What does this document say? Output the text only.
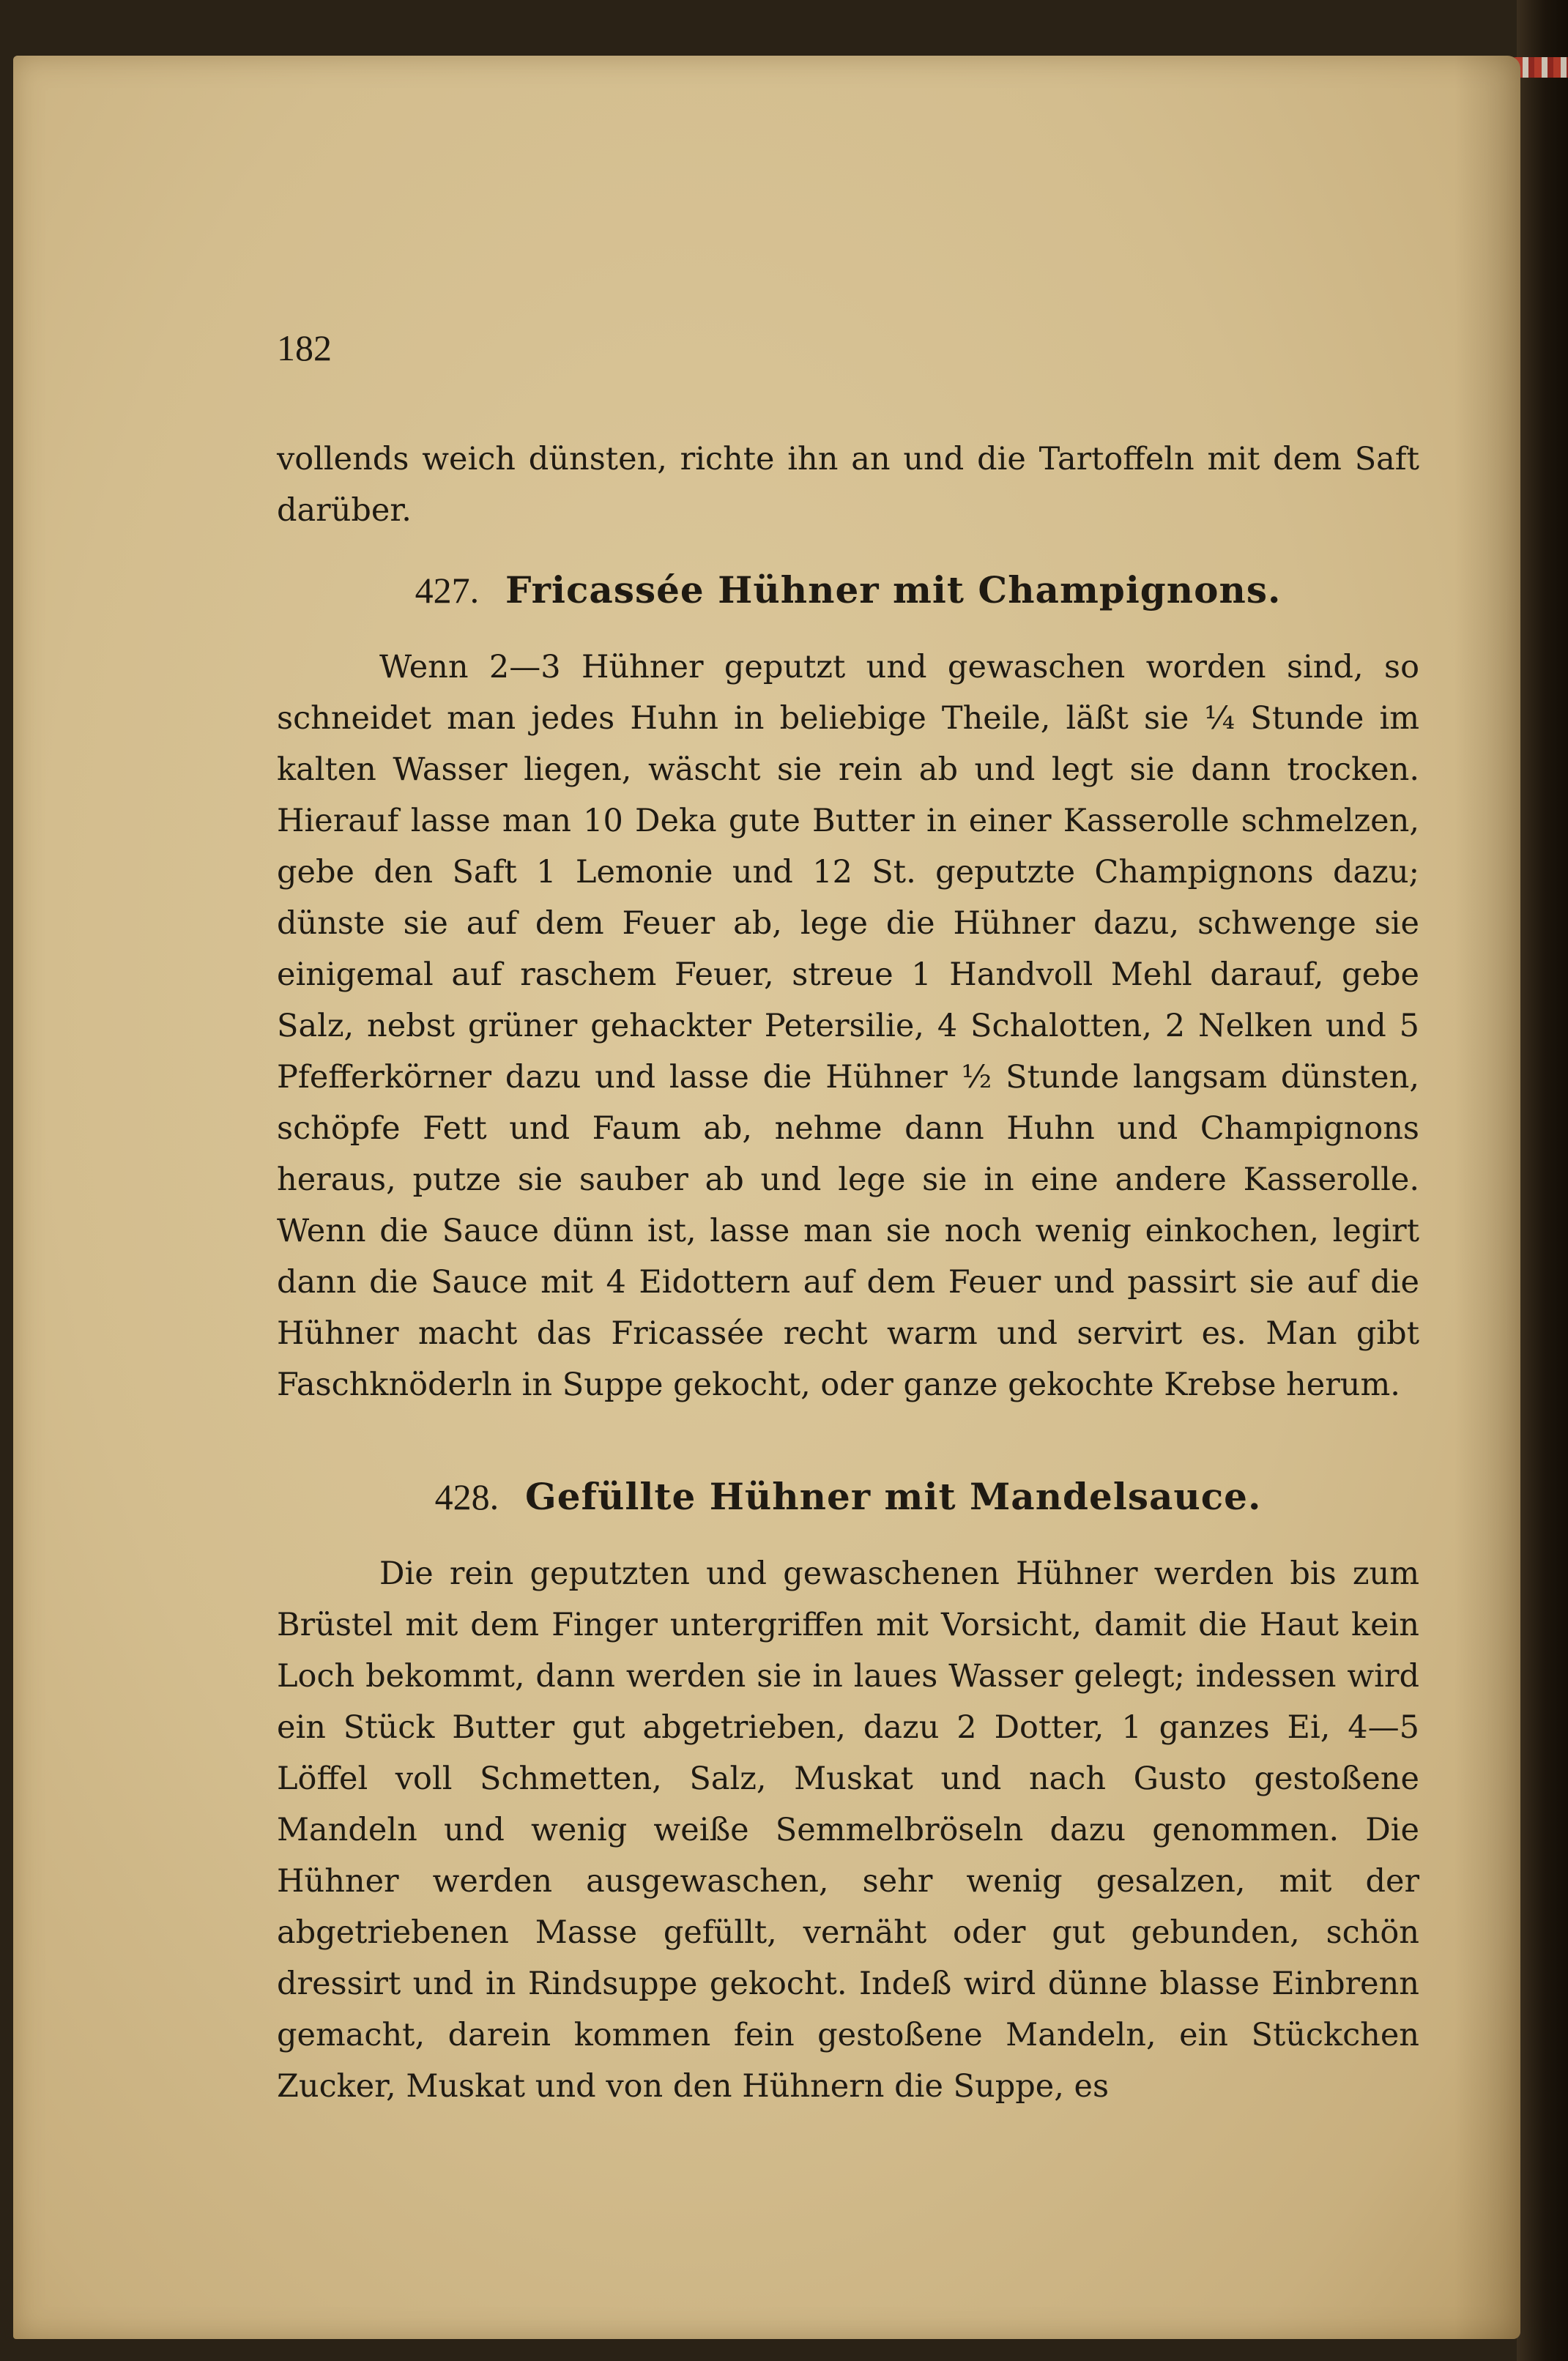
182

vollends weich dünsten, richte ihn an und die Tartoffeln mit dem Saft darüber.

427. Fricassée Hühner mit Champignons.

Wenn 2—3 Hühner geputzt und gewaschen worden sind, so schneidet man jedes Huhn in beliebige Theile, läßt sie ¼ Stunde im kalten Wasser liegen, wäscht sie rein ab und legt sie dann trocken. Hierauf lasse man 10 Deka gute Butter in einer Kasserolle schmelzen, gebe den Saft 1 Lemonie und 12 St. geputzte Champignons dazu; dünste sie auf dem Feuer ab, lege die Hühner dazu, schwenge sie einigemal auf raschem Feuer, streue 1 Handvoll Mehl darauf, gebe Salz, nebst grüner gehackter Petersilie, 4 Schalotten, 2 Nelken und 5 Pfefferkörner dazu und lasse die Hühner ½ Stunde langsam dünsten, schöpfe Fett und Faum ab, nehme dann Huhn und Champignons heraus, putze sie sauber ab und lege sie in eine andere Kasserolle. Wenn die Sauce dünn ist, lasse man sie noch wenig einkochen, legirt dann die Sauce mit 4 Eidottern auf dem Feuer und passirt sie auf die Hühner macht das Fricassée recht warm und servirt es. Man gibt Faschknöderln in Suppe gekocht, oder ganze gekochte Krebse herum.

428. Gefüllte Hühner mit Mandelsauce.

Die rein geputzten und gewaschenen Hühner werden bis zum Brüstel mit dem Finger untergriffen mit Vorsicht, damit die Haut kein Loch bekommt, dann werden sie in laues Wasser gelegt; indessen wird ein Stück Butter gut abgetrieben, dazu 2 Dotter, 1 ganzes Ei, 4—5 Löffel voll Schmetten, Salz, Muskat und nach Gusto gestoßene Mandeln und wenig weiße Semmelbröseln dazu genommen. Die Hühner werden ausgewaschen, sehr wenig gesalzen, mit der abgetriebenen Masse gefüllt, vernäht oder gut gebunden, schön dressirt und in Rindsuppe gekocht. Indeß wird dünne blasse Einbrenn gemacht, darein kommen fein gestoßene Mandeln, ein Stückchen Zucker, Muskat und von den Hühnern die Suppe, es
